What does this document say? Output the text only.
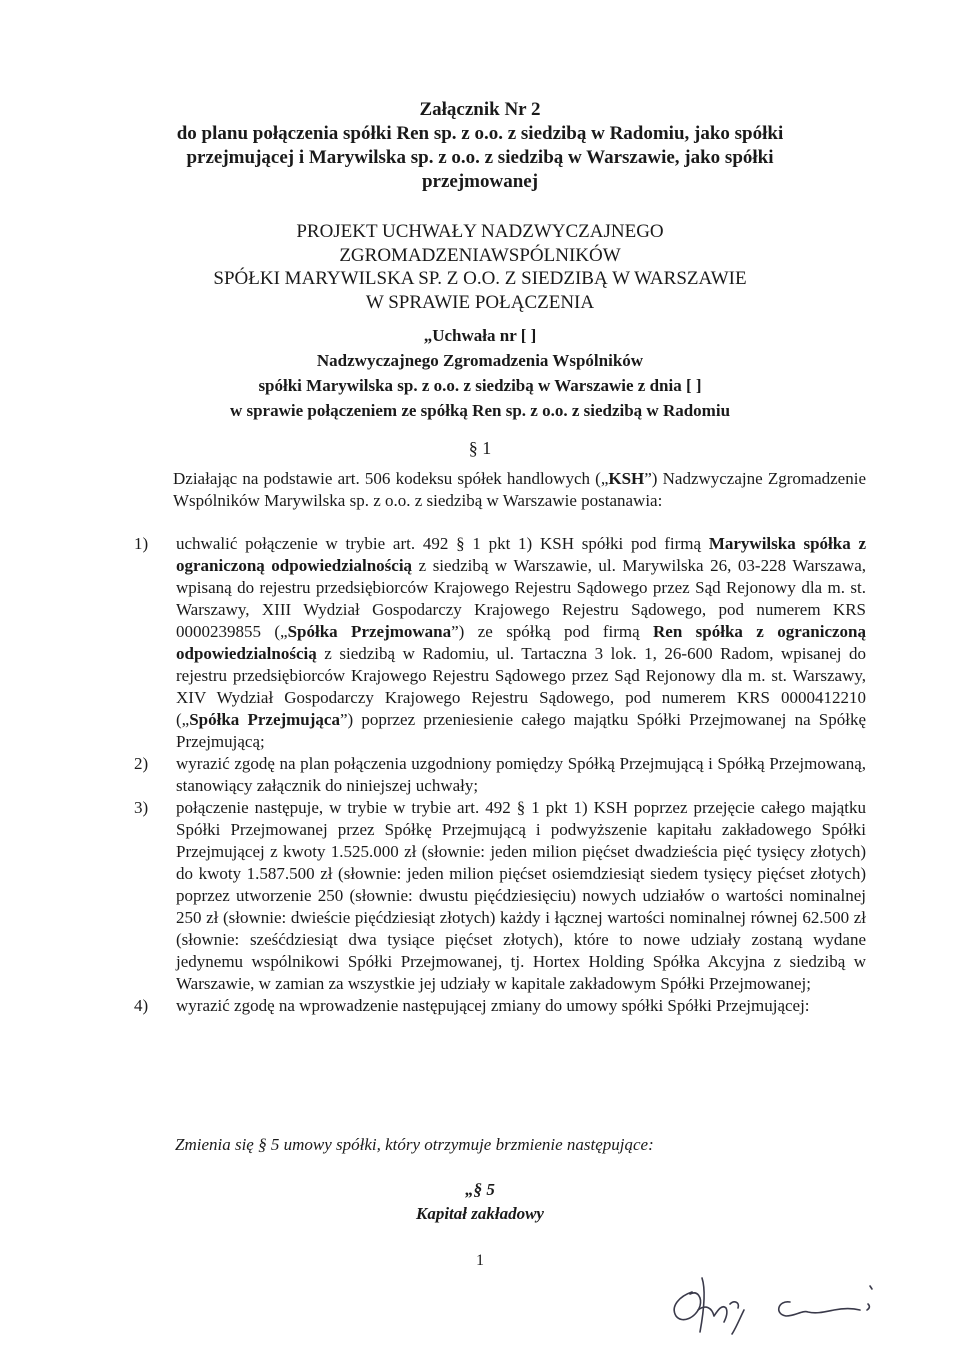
Załącznik Nr 2
do planu połączenia spółki Ren sp. z o.o. z siedzibą w Radomiu, jako spółki
przejmującej i Marywilska sp. z o.o. z siedzibą w Warszawie, jako spółki
przejmowanej
PROJEKT UCHWAŁY NADZWYCZAJNEGO
ZGROMADZENIAWSPÓLNIKÓW
SPÓŁKI MARYWILSKA SP. Z O.O. Z SIEDZIBĄ W WARSZAWIE
W SPRAWIE POŁĄCZENIA
„Uchwała nr [ ]
Nadzwyczajnego Zgromadzenia Wspólników
spółki Marywilska sp. z o.o. z siedzibą w Warszawie z dnia [ ]
w sprawie połączeniem ze spółką Ren sp. z o.o. z siedzibą w Radomiu
§ 1
Działając na podstawie art. 506 kodeksu spółek handlowych („KSH”) Nadzwyczajne Zgromadzenie Wspólników Marywilska sp. z o.o. z siedzibą w Warszawie postanawia:
1) uchwalić połączenie w trybie art. 492 § 1 pkt 1) KSH spółki pod firmą Marywilska spółka z ograniczoną odpowiedzialnością z siedzibą w Warszawie, ul. Marywilska 26, 03-228 Warszawa, wpisaną do rejestru przedsiębiorców Krajowego Rejestru Sądowego przez Sąd Rejonowy dla m. st. Warszawy, XIII Wydział Gospodarczy Krajowego Rejestru Sądowego, pod numerem KRS 0000239855 („Spółka Przejmowana”) ze spółką pod firmą Ren spółka z ograniczoną odpowiedzialnością z siedzibą w Radomiu, ul. Tartaczna 3 lok. 1, 26-600 Radom, wpisanej do rejestru przedsiębiorców Krajowego Rejestru Sądowego przez Sąd Rejonowy dla m. st. Warszawy, XIV Wydział Gospodarczy Krajowego Rejestru Sądowego, pod numerem KRS 0000412210 („Spółka Przejmująca”) poprzez przeniesienie całego majątku Spółki Przejmowanej na Spółkę Przejmującą;
2) wyrazić zgodę na plan połączenia uzgodniony pomiędzy Spółką Przejmującą i Spółką Przejmowaną, stanowiący załącznik do niniejszej uchwały;
3) połączenie następuje, w trybie w trybie art. 492 § 1 pkt 1) KSH poprzez przejęcie całego majątku Spółki Przejmowanej przez Spółkę Przejmującą i podwyższenie kapitału zakładowego Spółki Przejmującej z kwoty 1.525.000 zł (słownie: jeden milion pięćset dwadzieścia pięć tysięcy złotych) do kwoty 1.587.500 zł (słownie: jeden milion pięćset osiemdziesiąt siedem tysięcy pięćset złotych) poprzez utworzenie 250 (słownie: dwustu pięćdziesięciu) nowych udziałów o wartości nominalnej 250 zł (słownie: dwieście pięćdziesiąt złotych) każdy i łącznej wartości nominalnej równej 62.500 zł (słownie: sześćdziesiąt dwa tysiące pięćset złotych), które to nowe udziały zostaną wydane jedynemu wspólnikowi Spółki Przejmowanej, tj. Hortex Holding Spółka Akcyjna z siedzibą w Warszawie, w zamian za wszystkie jej udziały w kapitale zakładowym Spółki Przejmowanej;
4) wyrazić zgodę na wprowadzenie następującej zmiany do umowy spółki Spółki Przejmującej:
Zmienia się § 5 umowy spółki, który otrzymuje brzmienie następujące:
„§ 5
Kapitał zakładowy
1
